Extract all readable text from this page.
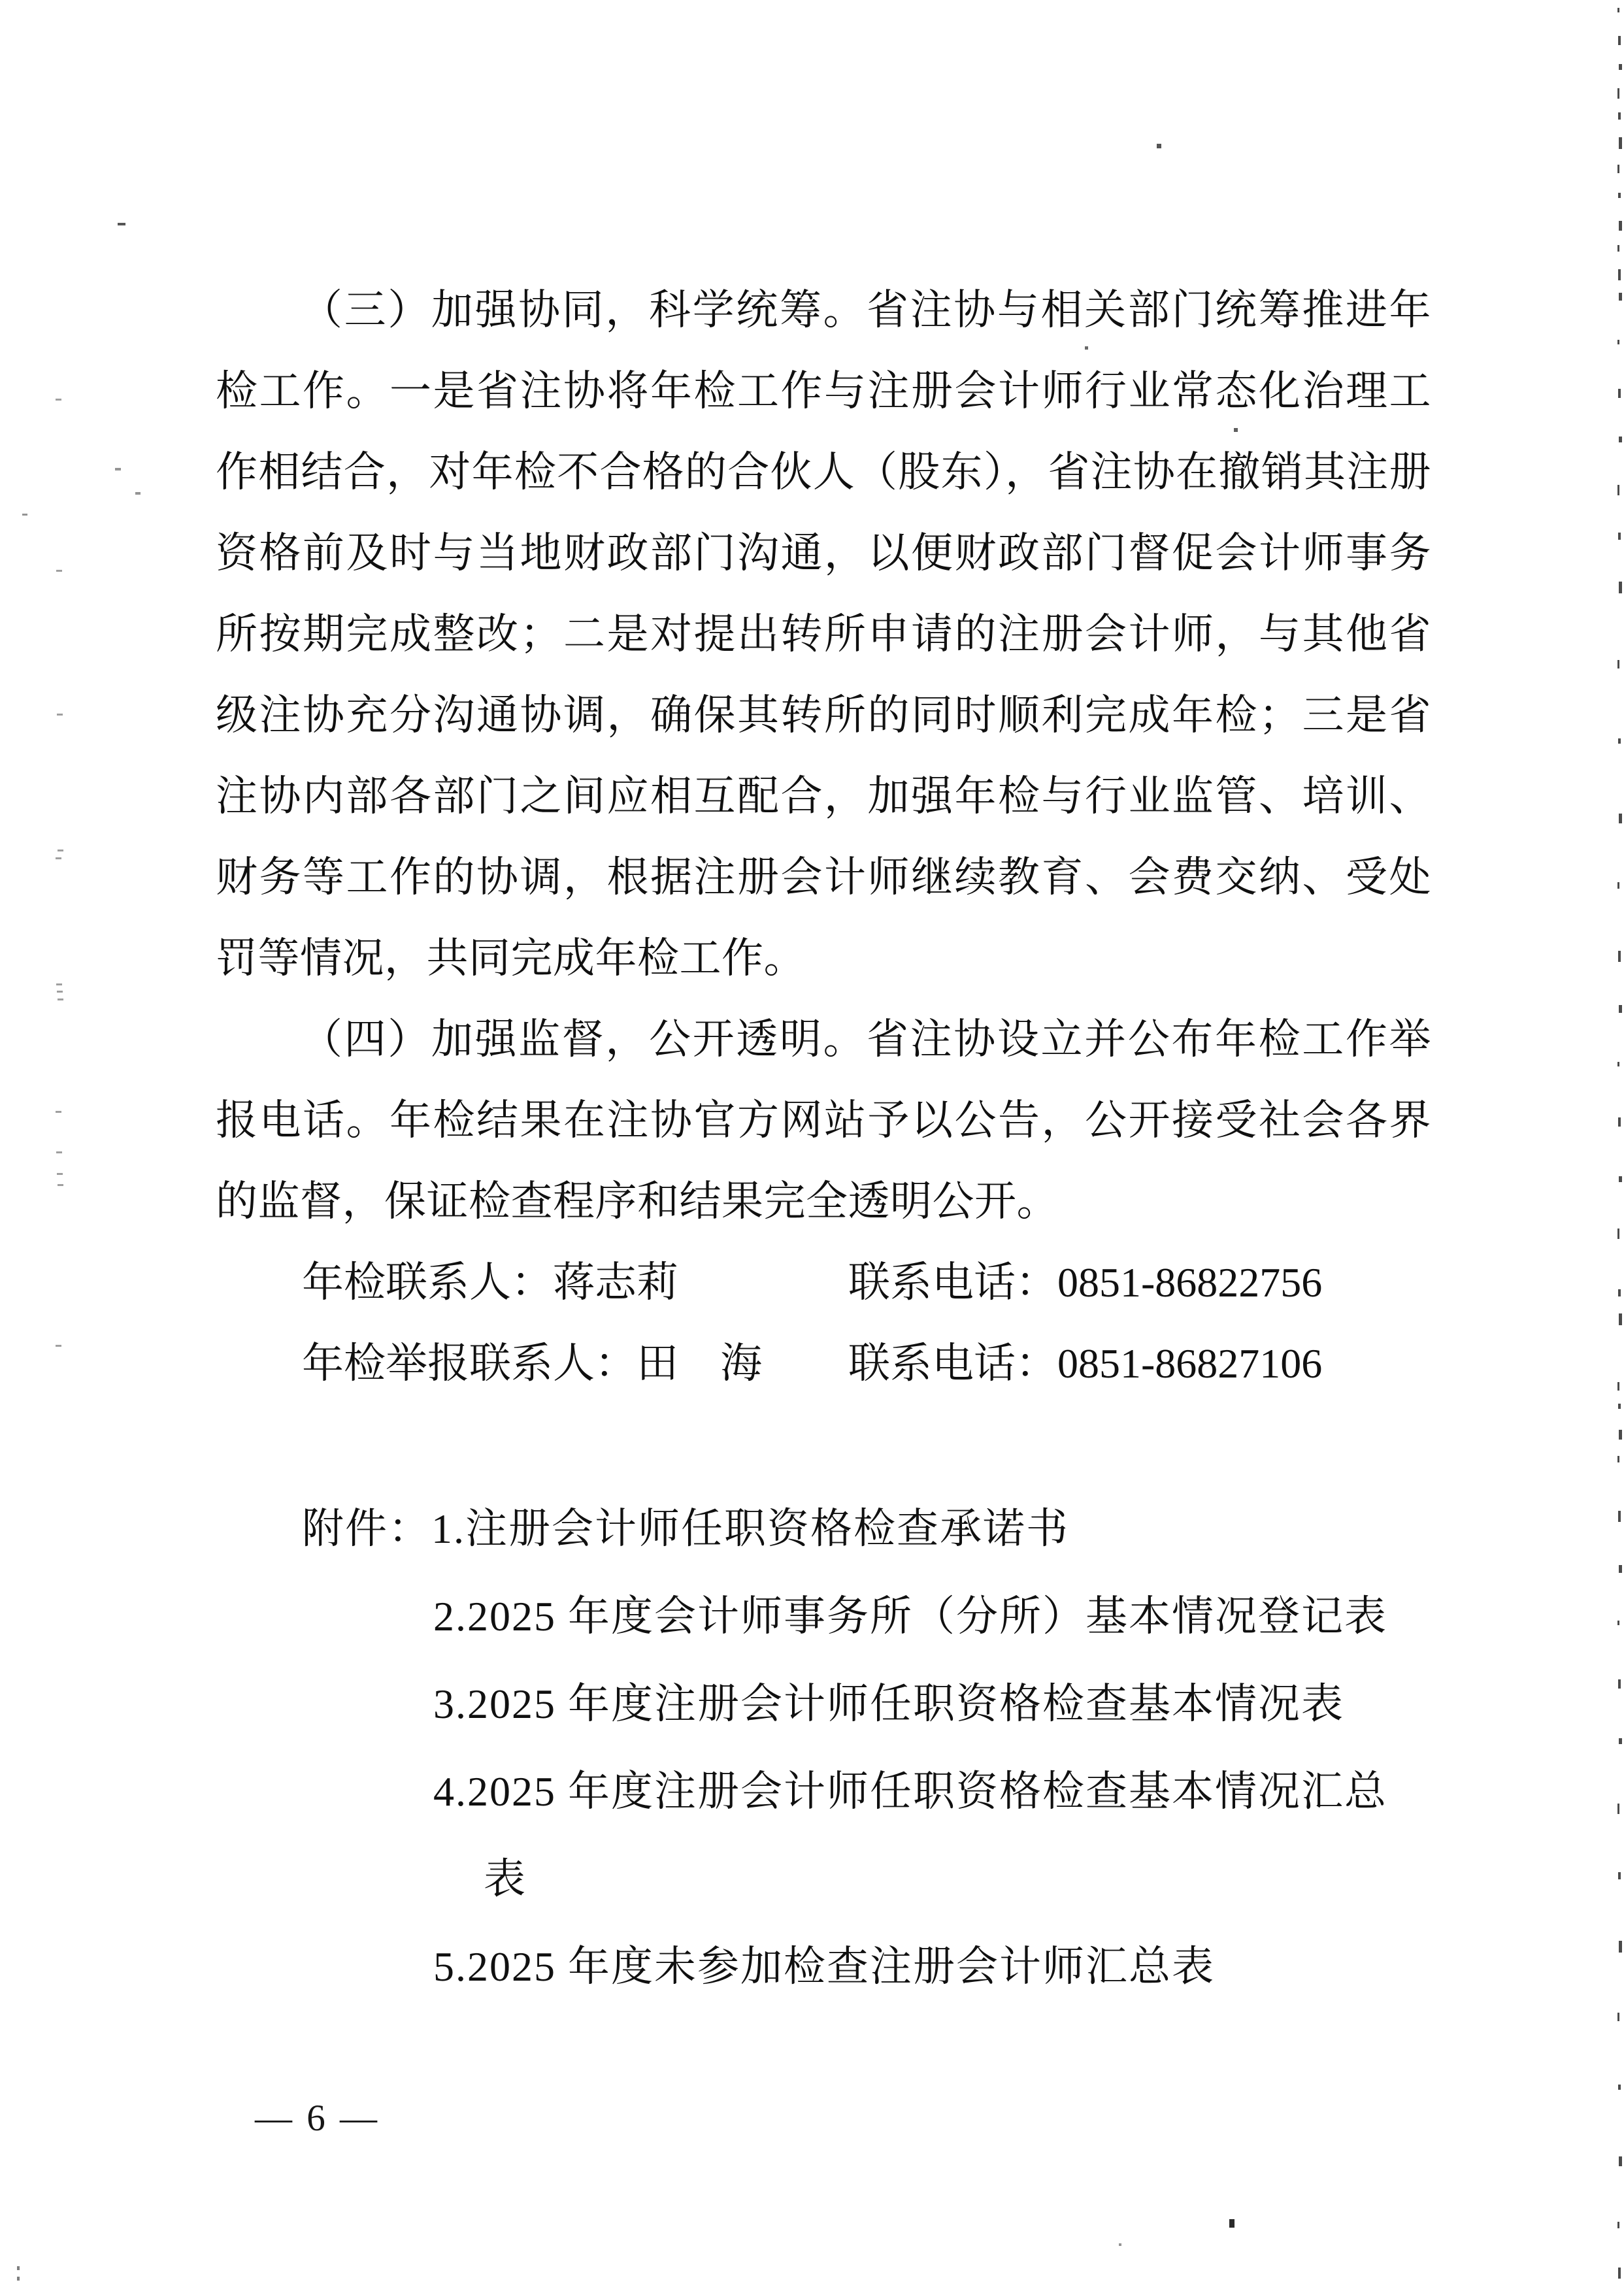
（三）加强协同，科学统筹。省注协与相关部门统筹推进年
检工作。一是省注协将年检工作与注册会计师行业常态化治理工
作相结合，对年检不合格的合伙人（股东），省注协在撤销其注册
资格前及时与当地财政部门沟通，以便财政部门督促会计师事务
所按期完成整改；二是对提出转所申请的注册会计师，与其他省
级注协充分沟通协调，确保其转所的同时顺利完成年检；三是省
注协内部各部门之间应相互配合，加强年检与行业监管、培训、
财务等工作的协调，根据注册会计师继续教育、会费交纳、受处
罚等情况，共同完成年检工作。
（四）加强监督，公开透明。省注协设立并公布年检工作举
报电话。年检结果在注协官方网站予以公告，公开接受社会各界
的监督，保证检查程序和结果完全透明公开。
年检联系人：蒋志莉	联系电话：0851-86822756
年检举报联系人：田　海 联系电话：0851-86827106
附件：1.注册会计师任职资格检查承诺书
2.2025 年度会计师事务所（分所）基本情况登记表
3.2025 年度注册会计师任职资格检查基本情况表
4.2025 年度注册会计师任职资格检查基本情况汇总
表
5.2025 年度未参加检查注册会计师汇总表
— 6 —
